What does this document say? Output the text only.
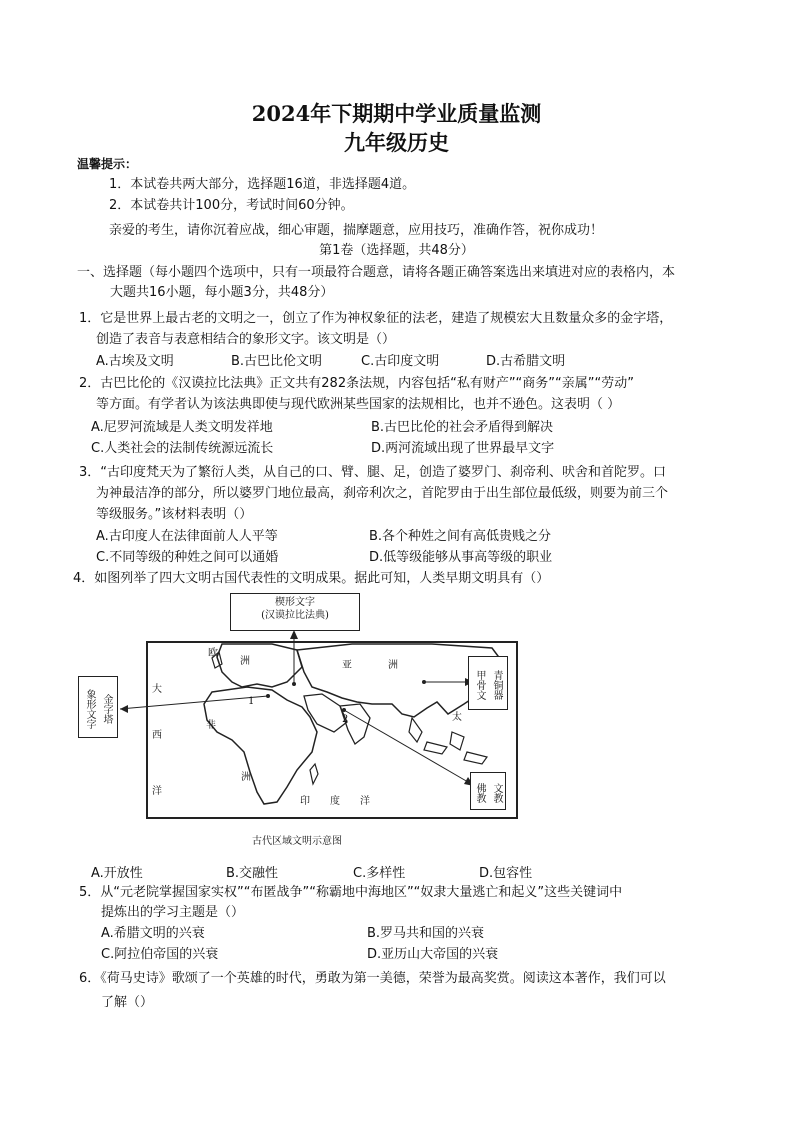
2024年下期期中学业质量监测
九年级历史
温馨提示：
1．本试卷共两大部分，选择题16道，非选择题4道。
2．本试卷共计100分，考试时间60分钟。
亲爱的考生，请你沉着应战，细心审题，揣摩题意，应用技巧，准确作答，祝你成功！
第1卷（选择题，共48分）
一、选择题（每小题四个选项中，只有一项最符合题意，请将各题正确答案选出来填进对应的表格内，本
大题共16小题，每小题3分，共48分）
1．它是世界上最古老的文明之一，创立了作为神权象征的法老，建造了规模宏大且数量众多的金字塔，
创造了表音与表意相结合的象形文字。该文明是（）
A.古埃及文明	B.古巴比伦文明	C.古印度文明	D.古希腊文明
2．古巴比伦的《汉谟拉比法典》正文共有282条法规，内容包括“私有财产”“商务”“亲属”“劳动”
等方面。有学者认为该法典即使与现代欧洲某些国家的法规相比，也并不逊色。这表明（ ）
A.尼罗河流域是人类文明发祥地	B.古巴比伦的社会矛盾得到解决
C.人类社会的法制传统源远流长	D.两河流域出现了世界最早文字
3．“古印度梵天为了繁衍人类，从自己的口、臂、腿、足，创造了婆罗门、刹帝利、吠舍和首陀罗。口
为神最洁净的部分，所以婆罗门地位最高，刹帝利次之，首陀罗由于出生部位最低级，则要为前三个
等级服务。”该材料表明（）
A.古印度人在法律面前人人平等	B.各个种姓之间有高低贵贱之分
C.不同等级的种姓之间可以通婚	D.低等级能够从事高等级的职业
4．如图列举了四大文明古国代表性的文明成果。据此可知，人类早期文明具有（）
欧
洲	亚	洲
大
西
洋
非
洲
印　　度　　洋
太
1
2
楔形文字
(汉谟拉比法典)
象形文字 金字塔
甲骨文 青铜器
佛教 文教
古代区域文明示意图
A.开放性	B.交融性	C.多样性	D.包容性
5．从“元老院掌握国家实权”“布匿战争”“称霸地中海地区”“奴隶大量逃亡和起义”这些关键词中
提炼出的学习主题是（）
A.希腊文明的兴衰	B.罗马共和国的兴衰
C.阿拉伯帝国的兴衰	D.亚历山大帝国的兴衰
6．《荷马史诗》歌颂了一个英雄的时代，勇敢为第一美德，荣誉为最高奖赏。阅读这本著作，我们可以
了解（）
